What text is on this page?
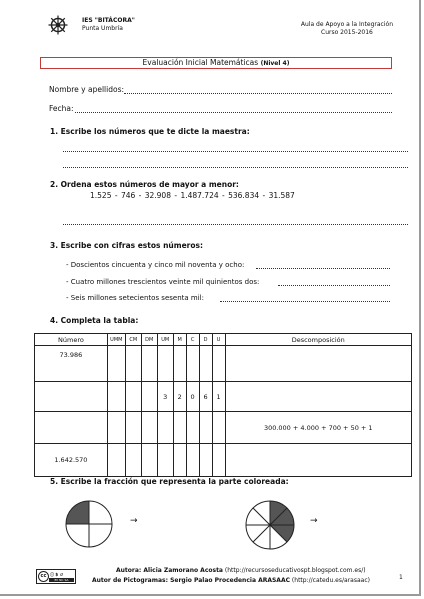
IES "BITÁCORA"
Punta Umbría
Aula de Apoyo a la Integración
Curso 2015-2016
Evaluación Inicial Matemáticas (Nivel 4)
Nombre y apellidos:
Fecha:
1. Escribe los números que te dicte la maestra:
2. Ordena estos números de mayor a menor:
1.525 - 746 - 32.908 - 1.487.724 - 536.834 - 31.587
3. Escribe con cifras estos números:
- Doscientos cincuenta y cinco mil noventa y ocho:
- Cuatro millones trescientos veinte mil quinientos dos:
- Seis millones setecientos sesenta mil:
4. Completa la tabla:
Número	UMM	CM	DM	UM	M	C	D	U	Descomposición
73.986									
				3	2	0	6	1	
									300.000 + 4.000 + 700 + 50 + 1
1.642.570									
5. Escribe la fracción que representa la parte coloreada:
→	→
cc ⓘ $ ↺
BY NC SA
Autora: Alicia Zamorano Acosta (http://recursoseducativospt.blogspot.com.es/)
Autor de Pictogramas: Sergio Palao Procedencia ARASAAC (http://catedu.es/arasaac)	1
